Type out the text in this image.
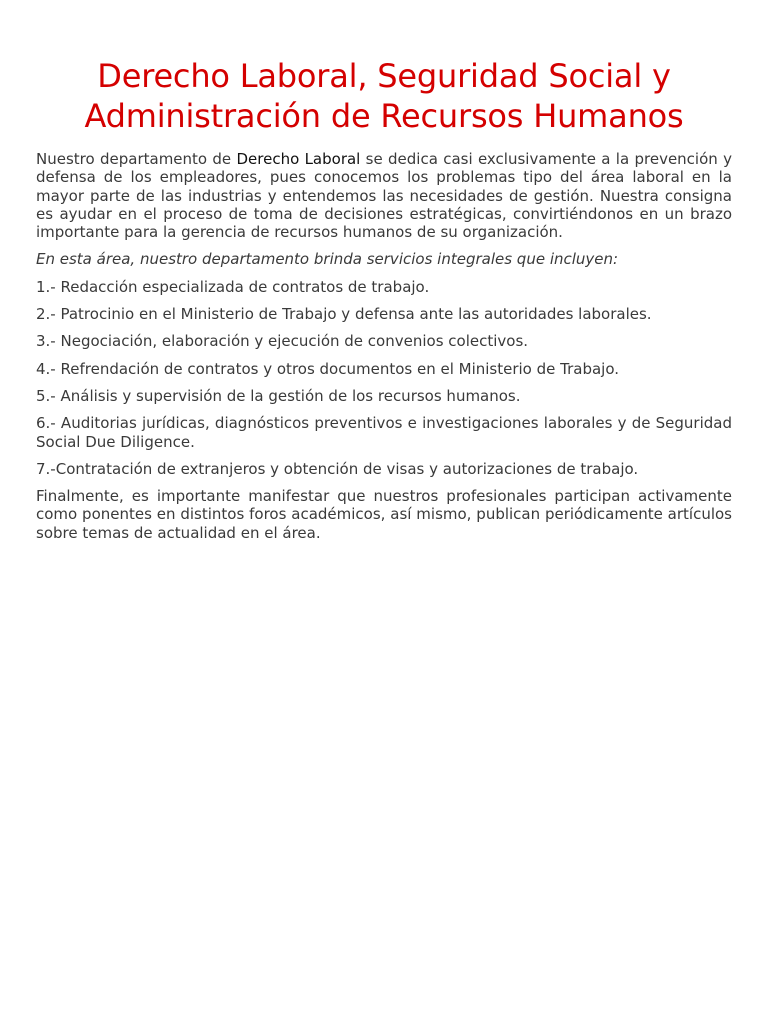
Derecho Laboral, Seguridad Social y Administración de Recursos Humanos

Nuestro departamento de Derecho Laboral se dedica casi exclusivamente a la prevención y defensa de los empleadores, pues conocemos los problemas tipo del área laboral en la mayor parte de las industrias y entendemos las necesidades de gestión. Nuestra consigna es ayudar en el proceso de toma de decisiones estratégicas, convirtiéndonos en un brazo importante para la gerencia de recursos humanos de su organización.

En esta área, nuestro departamento brinda servicios integrales que incluyen:

1.- Redacción especializada de contratos de trabajo.
2.- Patrocinio en el Ministerio de Trabajo y defensa ante las autoridades laborales.
3.- Negociación, elaboración y ejecución de convenios colectivos.
4.- Refrendación de contratos y otros documentos en el Ministerio de Trabajo.
5.- Análisis y supervisión de la gestión de los recursos humanos.
6.- Auditorias jurídicas, diagnósticos preventivos e investigaciones laborales y de Seguridad Social Due Diligence.
7.-Contratación de extranjeros y obtención de visas y autorizaciones de trabajo.

Finalmente, es importante manifestar que nuestros profesionales participan activamente como ponentes en distintos foros académicos, así mismo, publican periódicamente artículos sobre temas de actualidad en el área.
